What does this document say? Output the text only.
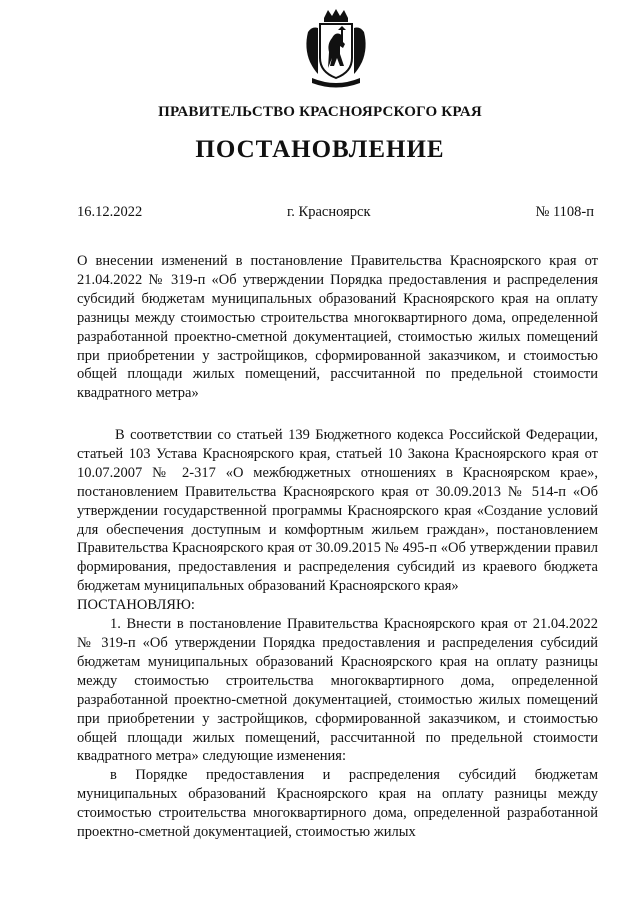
ПРАВИТЕЛЬСТВО КРАСНОЯРСКОГО КРАЯ
ПОСТАНОВЛЕНИЕ
16.12.2022	г. Красноярск	№ 1108-п

О внесении изменений в постановление Правительства Красноярского края от 21.04.2022 № 319-п «Об утверждении Порядка предоставления и распределения субсидий бюджетам муниципальных образований Красноярского края на оплату разницы между стоимостью строительства многоквартирного дома, определенной разработанной проектно-сметной документацией, стоимостью жилых помещений при приобретении у застройщиков, сформированной заказчиком, и стоимостью общей площади жилых помещений, рассчитанной по предельной стоимости квадратного метра»

В соответствии со статьей 139 Бюджетного кодекса Российской Федерации, статьей 103 Устава Красноярского края, статьей 10 Закона Красноярского края от 10.07.2007 № 2-317 «О межбюджетных отношениях в Красноярском крае», постановлением Правительства Красноярского края от 30.09.2013 № 514-п «Об утверждении государственной программы Красноярского края «Создание условий для обеспечения доступным и комфортным жильем граждан», постановлением Правительства Красноярского края от 30.09.2015 № 495-п «Об утверждении правил формирования, предоставления и распределения субсидий из краевого бюджета бюджетам муниципальных образований Красноярского края»

ПОСТАНОВЛЯЮ:

1. Внести в постановление Правительства Красноярского края от 21.04.2022 № 319-п «Об утверждении Порядка предоставления и распределения субсидий бюджетам муниципальных образований Красноярского края на оплату разницы между стоимостью строительства многоквартирного дома, определенной разработанной проектно-сметной документацией, стоимостью жилых помещений при приобретении у застройщиков, сформированной заказчиком, и стоимостью общей площади жилых помещений, рассчитанной по предельной стоимости квадратного метра» следующие изменения:

в Порядке предоставления и распределения субсидий бюджетам муниципальных образований Красноярского края на оплату разницы между стоимостью строительства многоквартирного дома, определенной разработанной проектно-сметной документацией, стоимостью жилых
